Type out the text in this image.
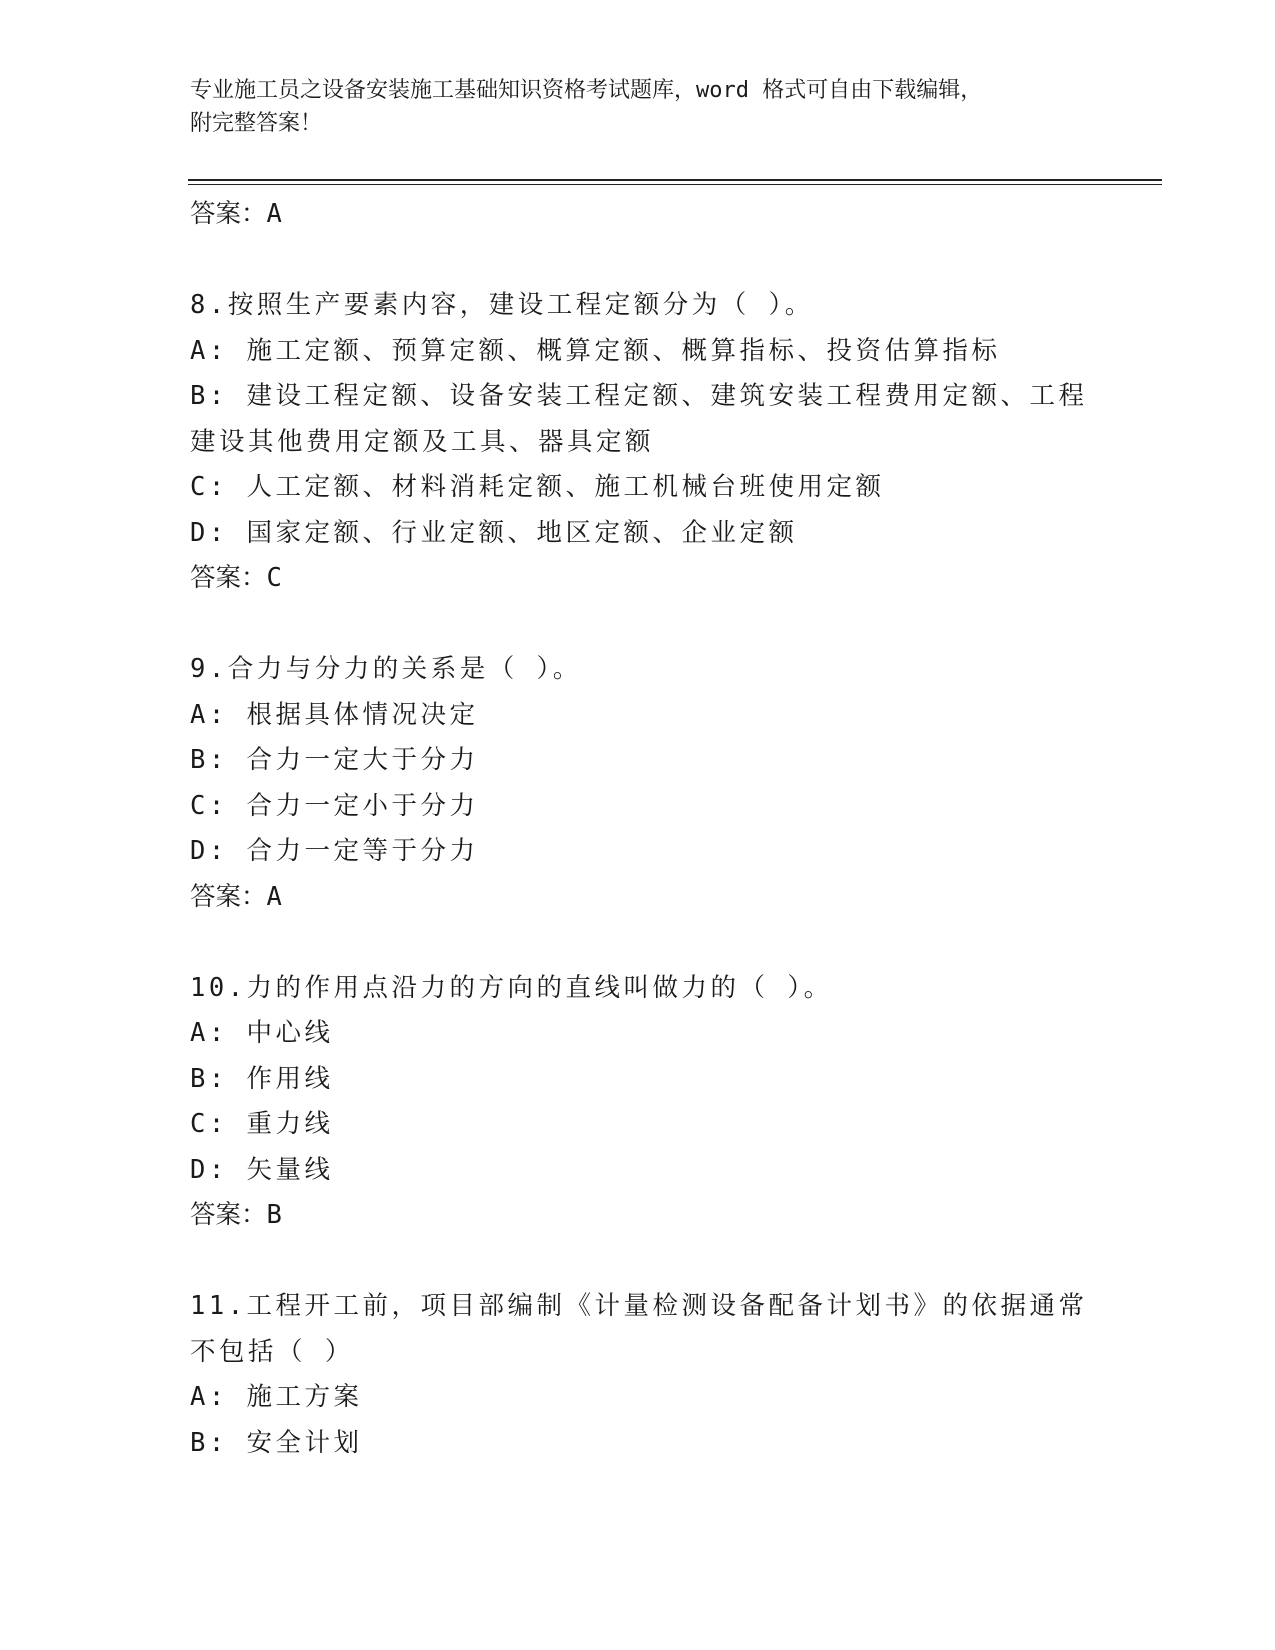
专业施工员之设备安装施工基础知识资格考试题库，word 格式可自由下载编辑，
附完整答案！
答案：A
8.按照生产要素内容，建设工程定额分为（ ）。
A: 施工定额、预算定额、概算定额、概算指标、投资估算指标
B: 建设工程定额、设备安装工程定额、建筑安装工程费用定额、工程
建设其他费用定额及工具、器具定额
C: 人工定额、材料消耗定额、施工机械台班使用定额
D: 国家定额、行业定额、地区定额、企业定额
答案：C
9.合力与分力的关系是（ ）。
A: 根据具体情况决定
B: 合力一定大于分力
C: 合力一定小于分力
D: 合力一定等于分力
答案：A
10.力的作用点沿力的方向的直线叫做力的（ ）。
A: 中心线
B: 作用线
C: 重力线
D: 矢量线
答案：B
11.工程开工前，项目部编制《计量检测设备配备计划书》的依据通常
不包括（ ）
A: 施工方案
B: 安全计划
